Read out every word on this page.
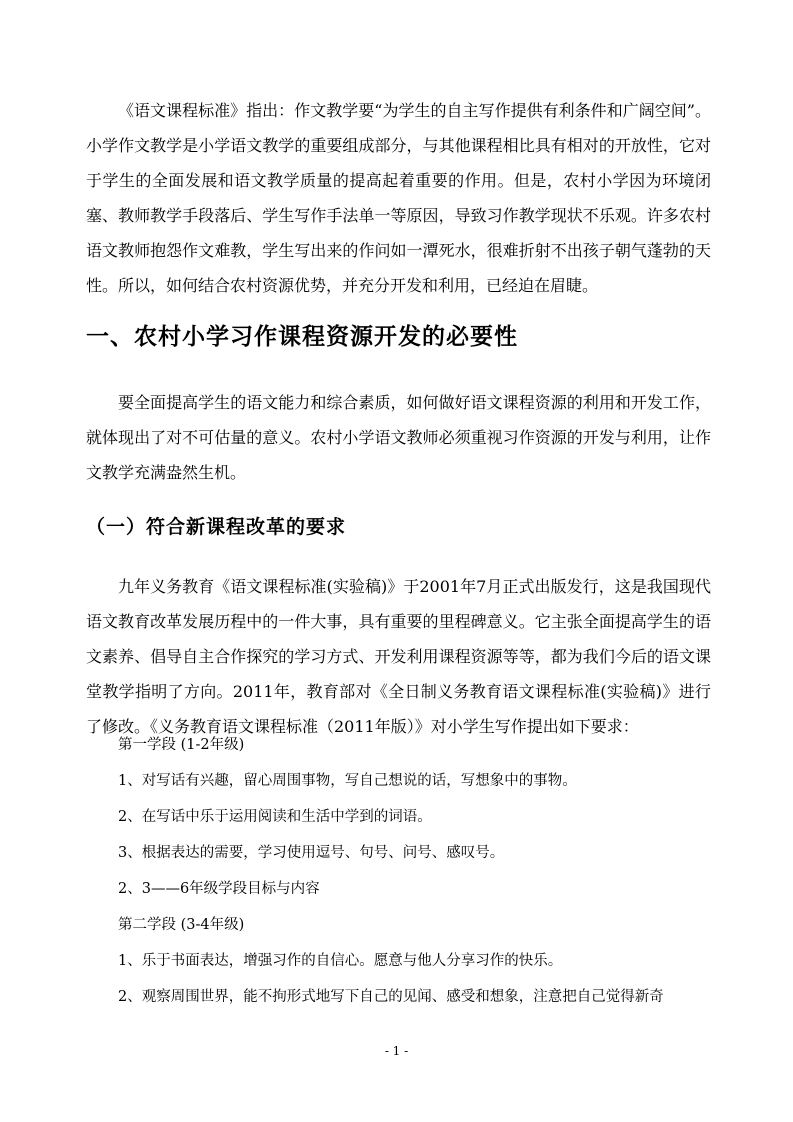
《语文课程标准》指出：作文教学要“为学生的自主写作提供有利条件和广阔空间”。小学作文教学是小学语文教学的重要组成部分，与其他课程相比具有相对的开放性，它对于学生的全面发展和语文教学质量的提高起着重要的作用。但是，农村小学因为环境闭塞、教师教学手段落后、学生写作手法单一等原因，导致习作教学现状不乐观。许多农村语文教师抱怨作文难教，学生写出来的作问如一潭死水，很难折射不出孩子朝气蓬勃的天性。所以，如何结合农村资源优势，并充分开发和利用，已经迫在眉睫。

一、农村小学习作课程资源开发的必要性

要全面提高学生的语文能力和综合素质，如何做好语文课程资源的利用和开发工作，就体现出了对不可估量的意义。农村小学语文教师必须重视习作资源的开发与利用，让作文教学充满盎然生机。

（一）符合新课程改革的要求

九年义务教育《语文课程标准(实验稿)》于2001年7月正式出版发行，这是我国现代语文教育改革发展历程中的一件大事，具有重要的里程碑意义。它主张全面提高学生的语文素养、倡导自主合作探究的学习方式、开发利用课程资源等等，都为我们今后的语文课堂教学指明了方向。2011年，教育部对《全日制义务教育语文课程标准(实验稿)》进行了修改。《义务教育语文课程标准（2011年版）》对小学生写作提出如下要求：

第一学段 (1-2年级)
1、对写话有兴趣，留心周围事物，写自己想说的话，写想象中的事物。
2、在写话中乐于运用阅读和生活中学到的词语。
3、根据表达的需要，学习使用逗号、句号、问号、感叹号。
2、3——6年级学段目标与内容
第二学段 (3-4年级)
1、乐于书面表达，增强习作的自信心。愿意与他人分享习作的快乐。
2、观察周围世界，能不拘形式地写下自己的见闻、感受和想象，注意把自己觉得新奇
- 1 -
